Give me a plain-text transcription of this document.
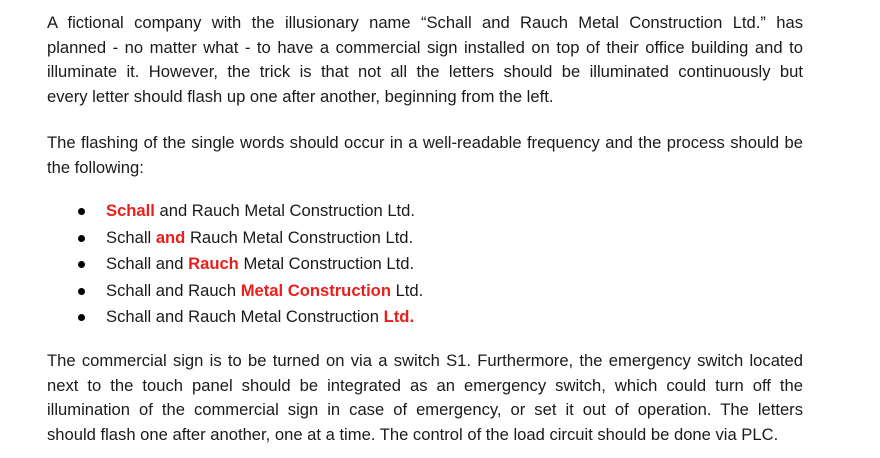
A fictional company with the illusionary name “Schall and Rauch Metal Construction Ltd.” has
planned - no matter what - to have a commercial sign installed on top of their office building and to
illuminate it. However, the trick is that not all the letters should be illuminated continuously but
every letter should flash up one after another, beginning from the left.
The flashing of the single words should occur in a well-readable frequency and the process should be
the following:
Schall and Rauch Metal Construction Ltd.
Schall and Rauch Metal Construction Ltd.
Schall and Rauch Metal Construction Ltd.
Schall and Rauch Metal Construction Ltd.
Schall and Rauch Metal Construction Ltd.
The commercial sign is to be turned on via a switch S1. Furthermore, the emergency switch located
next to the touch panel should be integrated as an emergency switch, which could turn off the
illumination of the commercial sign in case of emergency, or set it out of operation. The letters
should flash one after another, one at a time. The control of the load circuit should be done via PLC.
